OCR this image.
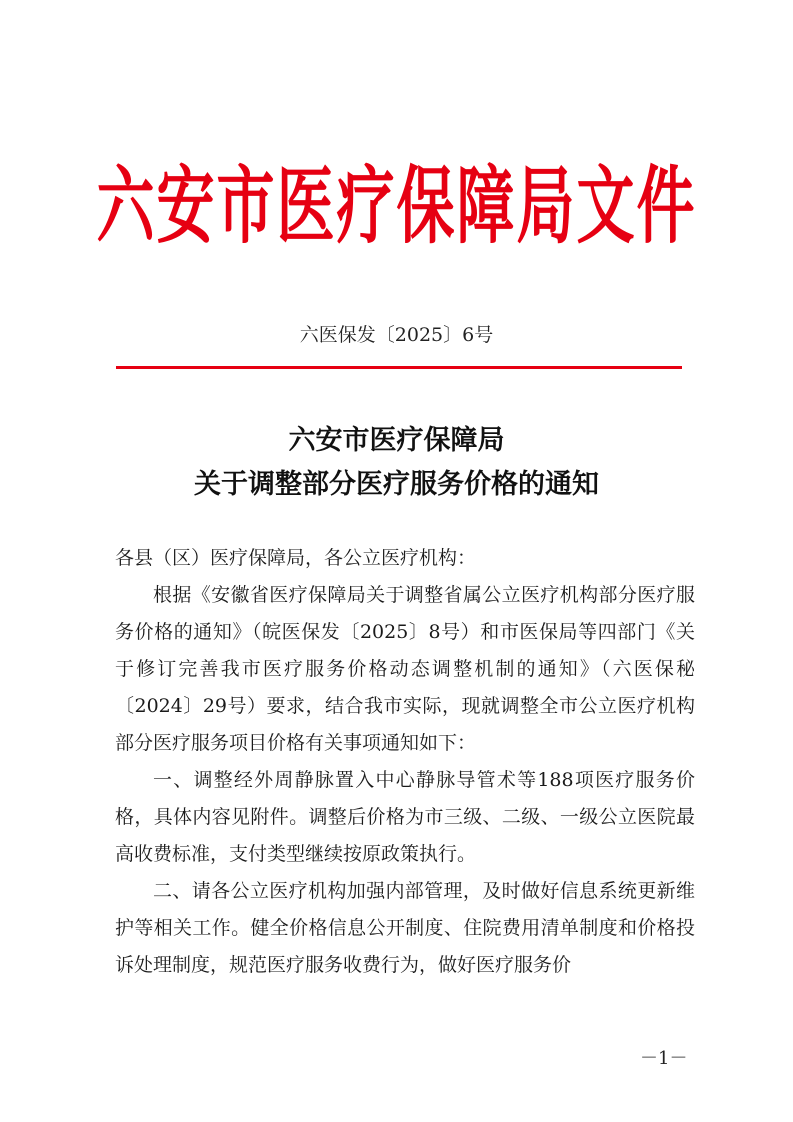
六安市医疗保障局文件
六医保发〔2025〕6号
六安市医疗保障局
关于调整部分医疗服务价格的通知

各县（区）医疗保障局，各公立医疗机构：

根据《安徽省医疗保障局关于调整省属公立医疗机构部分医疗服务价格的通知》（皖医保发〔2025〕8号）和市医保局等四部门《关于修订完善我市医疗服务价格动态调整机制的通知》（六医保秘〔2024〕29号）要求，结合我市实际，现就调整全市公立医疗机构部分医疗服务项目价格有关事项通知如下：

一、调整经外周静脉置入中心静脉导管术等188项医疗服务价格，具体内容见附件。调整后价格为市三级、二级、一级公立医院最高收费标准，支付类型继续按原政策执行。

二、请各公立医疗机构加强内部管理，及时做好信息系统更新维护等相关工作。健全价格信息公开制度、住院费用清单制度和价格投诉处理制度，规范医疗服务收费行为，做好医疗服务价

－1－
